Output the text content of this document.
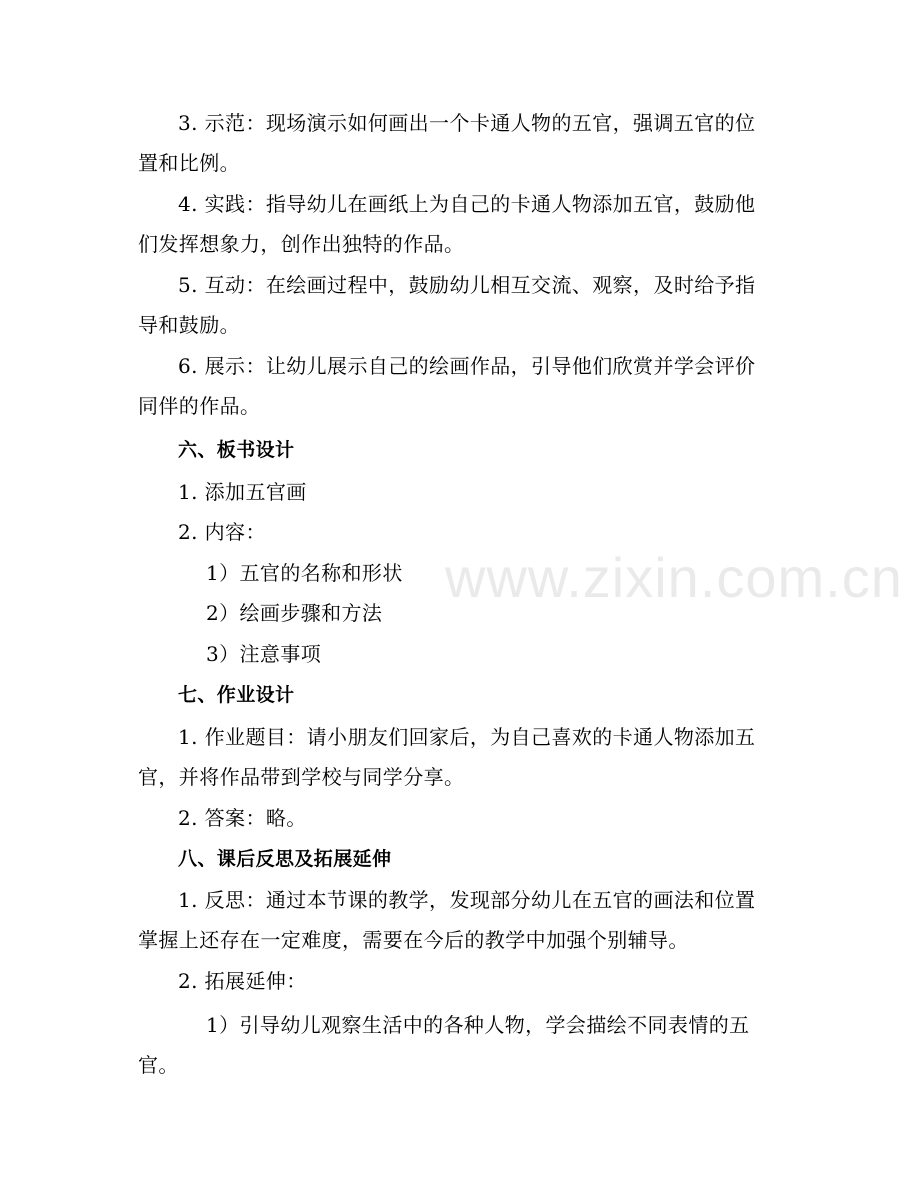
www.zixin.com.cn
3. 示范：现场演示如何画出一个卡通人物的五官，强调五官的位
置和比例。
4. 实践：指导幼儿在画纸上为自己的卡通人物添加五官，鼓励他
们发挥想象力，创作出独特的作品。
5. 互动：在绘画过程中，鼓励幼儿相互交流、观察，及时给予指
导和鼓励。
6. 展示：让幼儿展示自己的绘画作品，引导他们欣赏并学会评价
同伴的作品。
六、板书设计
1. 添加五官画
2. 内容：
1）五官的名称和形状
2）绘画步骤和方法
3）注意事项
七、作业设计
1. 作业题目：请小朋友们回家后，为自己喜欢的卡通人物添加五
官，并将作品带到学校与同学分享。
2. 答案：略。
八、课后反思及拓展延伸
1. 反思：通过本节课的教学，发现部分幼儿在五官的画法和位置
掌握上还存在一定难度，需要在今后的教学中加强个别辅导。
2. 拓展延伸：
1）引导幼儿观察生活中的各种人物，学会描绘不同表情的五
官。
